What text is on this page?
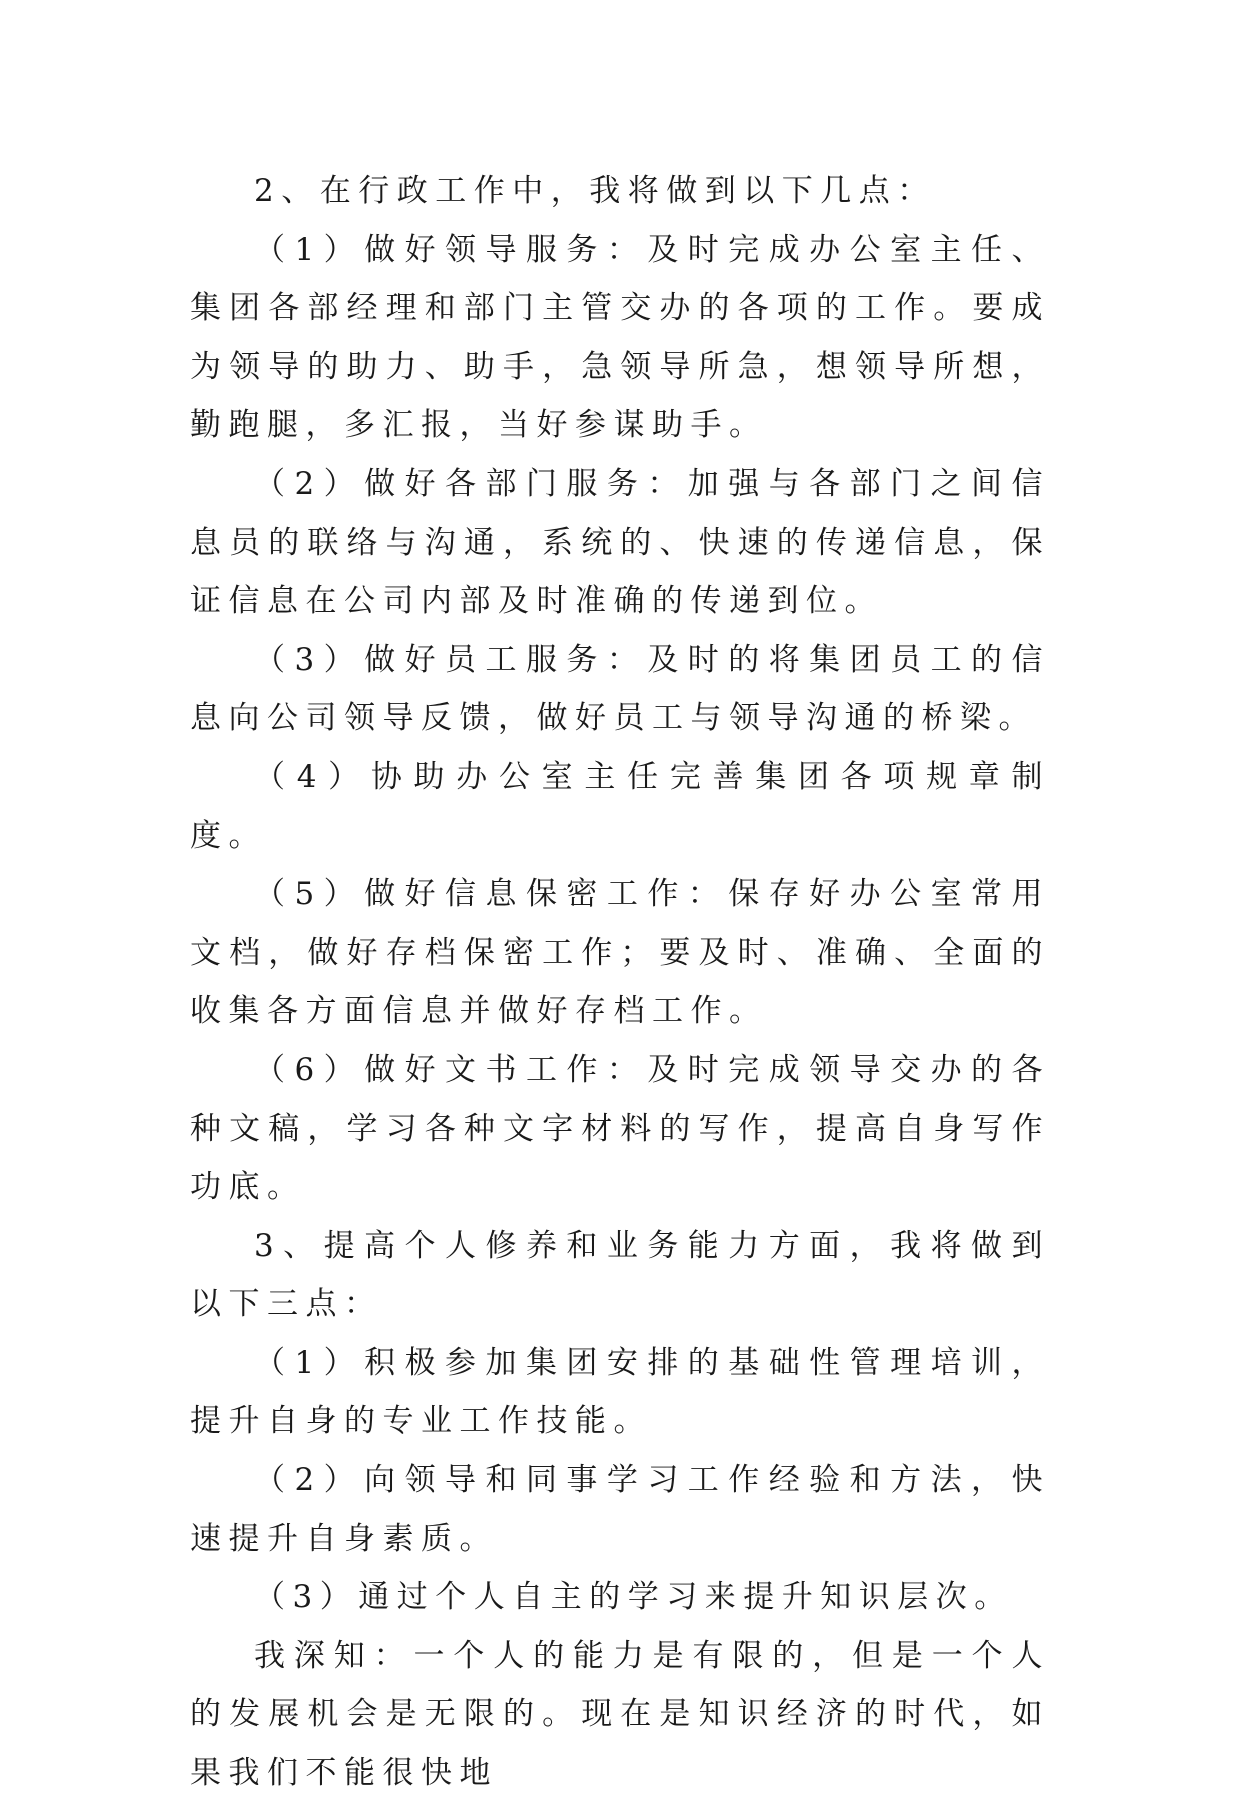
2、在行政工作中，我将做到以下几点：

（1）做好领导服务：及时完成办公室主任、集团各部经理和部门主管交办的各项的工作。要成为领导的助力、助手，急领导所急，想领导所想，勤跑腿，多汇报，当好参谋助手。

（2）做好各部门服务：加强与各部门之间信息员的联络与沟通，系统的、快速的传递信息，保证信息在公司内部及时准确的传递到位。

（3）做好员工服务：及时的将集团员工的信息向公司领导反馈，做好员工与领导沟通的桥梁。

（4）协助办公室主任完善集团各项规章制度。

（5）做好信息保密工作：保存好办公室常用文档，做好存档保密工作；要及时、准确、全面的收集各方面信息并做好存档工作。

（6）做好文书工作：及时完成领导交办的各种文稿，学习各种文字材料的写作，提高自身写作功底。

3、提高个人修养和业务能力方面，我将做到以下三点：

（1）积极参加集团安排的基础性管理培训，提升自身的专业工作技能。

（2）向领导和同事学习工作经验和方法，快速提升自身素质。

（3）通过个人自主的学习来提升知识层次。

我深知：一个人的能力是有限的，但是一个人的发展机会是无限的。现在是知识经济的时代，如果我们不能很快地
